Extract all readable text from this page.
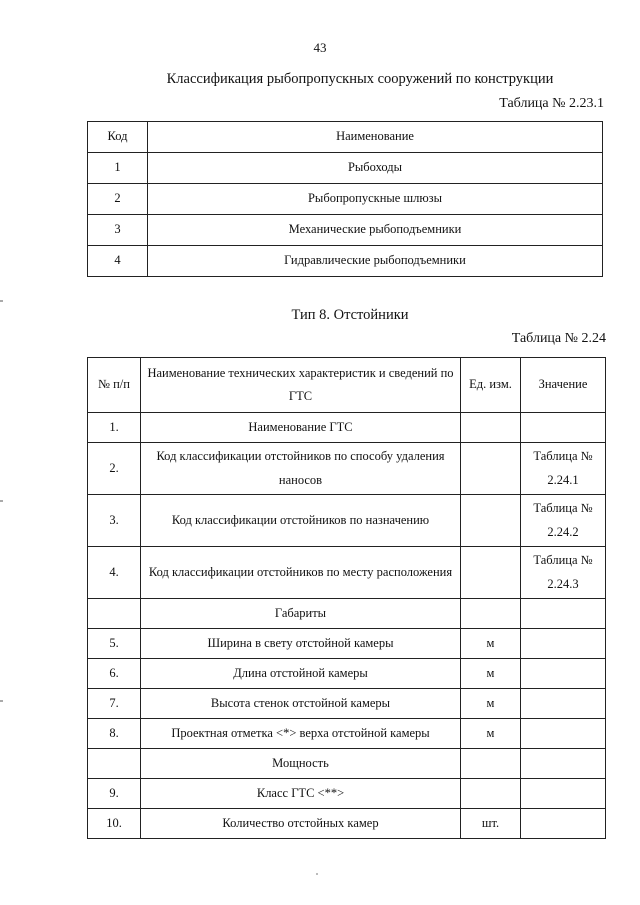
43
Классификация рыбопропускных сооружений по конструкции
Таблица № 2.23.1
Код	Наименование
1	Рыбоходы
2	Рыбопропускные шлюзы
3	Механические рыбоподъемники
4	Гидравлические рыбоподъемники
Тип 8. Отстойники
Таблица № 2.24
№ п/п	Наименование технических характеристик и сведений по ГТС	Ед. изм.	Значение
1.	Наименование ГТС		
2.	Код классификации отстойников по способу удаления наносов		Таблица № 2.24.1
3.	Код классификации отстойников по назначению		Таблица № 2.24.2
4.	Код классификации отстойников по месту расположения		Таблица № 2.24.3
	Габариты		
5.	Ширина в свету отстойной камеры	м	
6.	Длина отстойной камеры	м	
7.	Высота стенок отстойной камеры	м	
8.	Проектная отметка <*> верха отстойной камеры	м	
	Мощность		
9.	Класс ГТС <**>		
10.	Количество отстойных камер	шт.	
